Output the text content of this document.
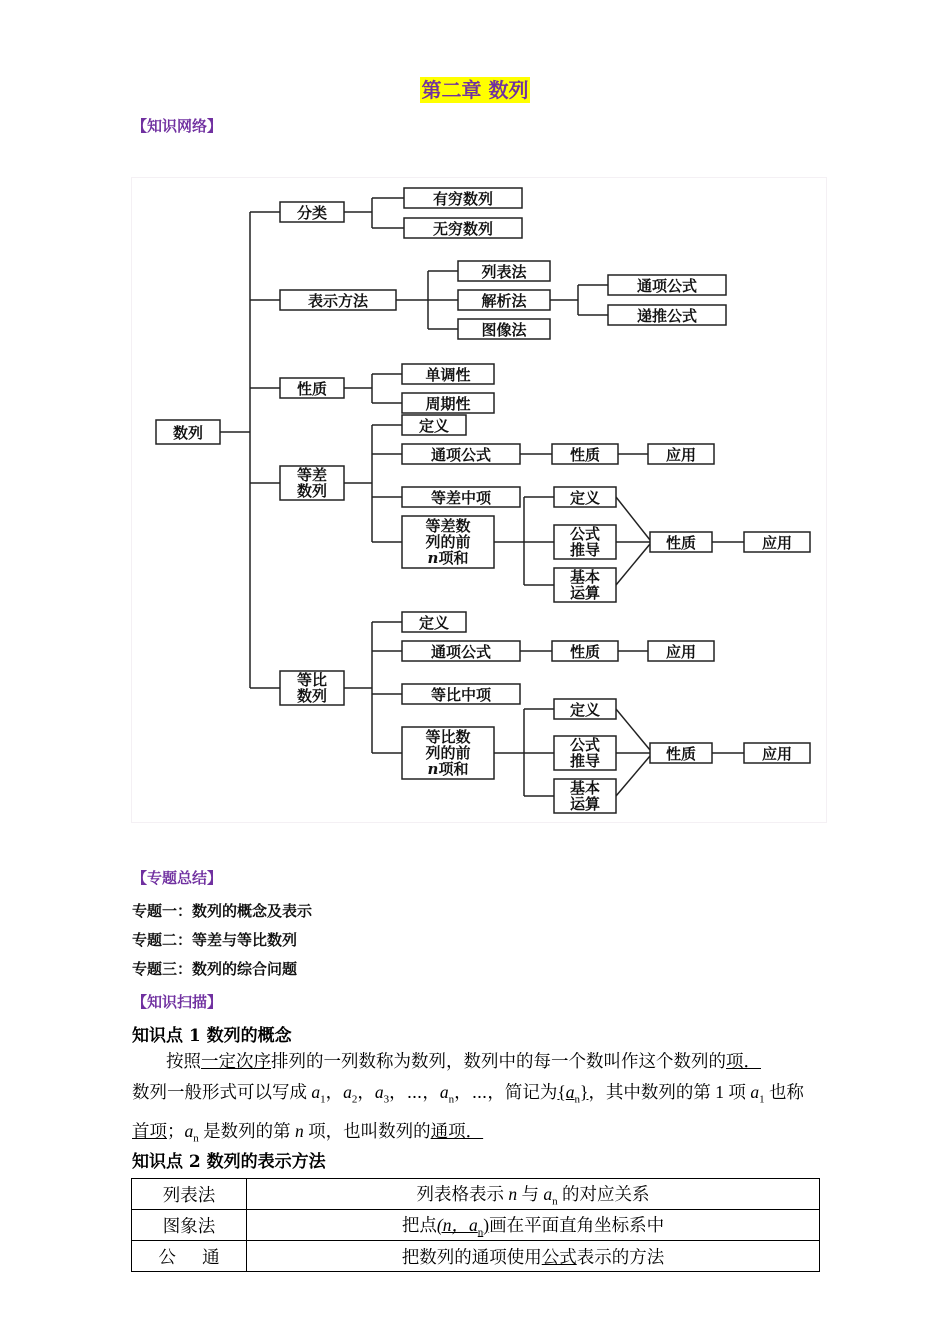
第二章 数列
【知识网络】
数列
分类
有穷数列
无穷数列
表示方法
列表法
解析法
图像法
通项公式
递推公式
性质
单调性
周期性
等差
数列
定义
通项公式	性质	应用
等差中项
等差数
列的前
n项和
定义
公式
推导
基本
运算
性质	应用
等比
数列
定义
通项公式	性质	应用
等比中项
等比数
列的前
n项和
定义
公式
推导
基本
运算
性质	应用
【专题总结】
专题一：数列的概念及表示
专题二：等差与等比数列
专题三：数列的综合问题
【知识扫描】
知识点 1 数列的概念
按照一定次序排列的一列数称为数列，数列中的每一个数叫作这个数列的项．
数列一般形式可以写成 $a_1$，$a_2$，$a_3$，⋯，$a_n$，⋯，简记为$\{a_n\}$，其中数列的第 1 项 $a_1$ 也称
首项；$a_n$ 是数列的第 n 项，也叫数列的通项．
知识点 2 数列的表示方法
列表法	列表格表示 n 与 $a_n$ 的对应关系
图象法	把点(n，$a_n$)画在平面直角坐标系中
公      通	把数列的通项使用公式表示的方法
